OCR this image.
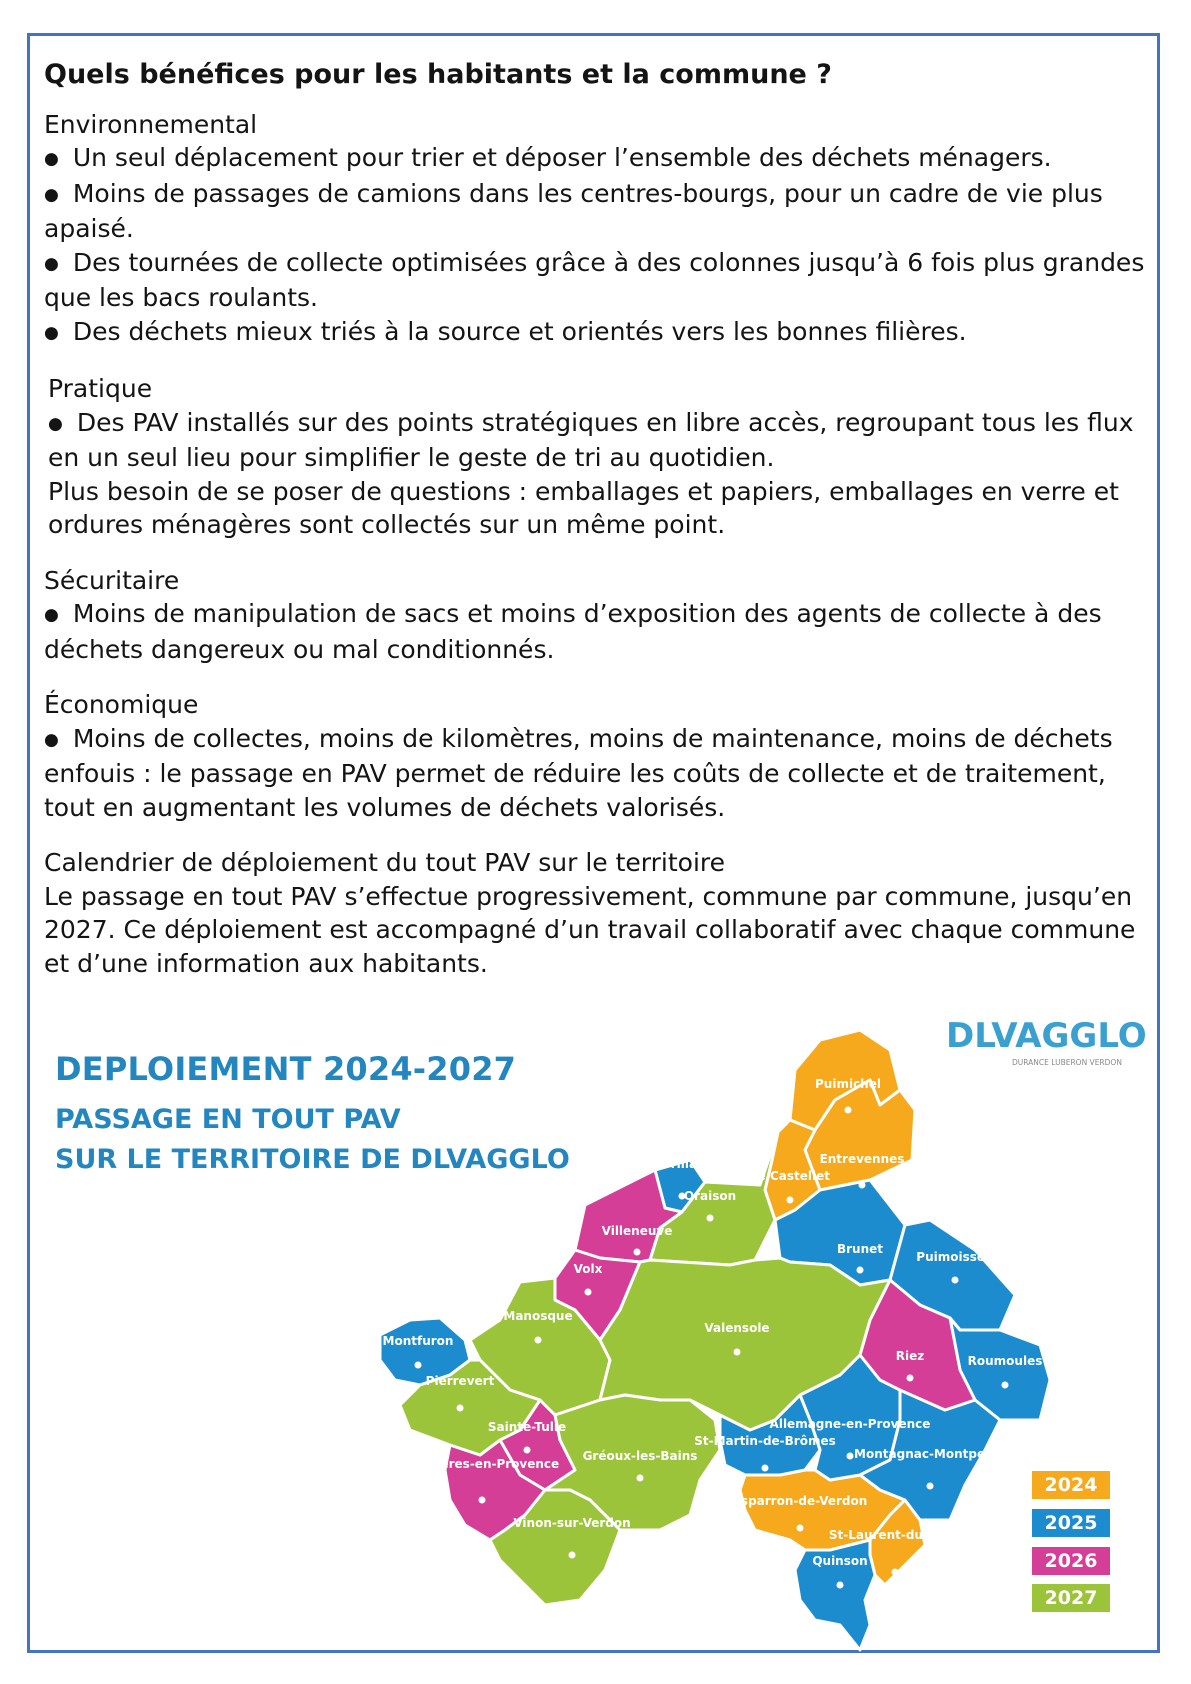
Quels bénéfices pour les habitants et la commune ?

Environnemental

● Un seul déplacement pour trier et déposer l’ensemble des déchets ménagers.

● Moins de passages de camions dans les centres-bourgs, pour un cadre de vie plus apaisé.

● Des tournées de collecte optimisées grâce à des colonnes jusqu’à 6 fois plus grandes que les bacs roulants.

● Des déchets mieux triés à la source et orientés vers les bonnes filières.

Pratique

● Des PAV installés sur des points stratégiques en libre accès, regroupant tous les flux en un seul lieu pour simplifier le geste de tri au quotidien.

Plus besoin de se poser de questions : emballages et papiers, emballages en verre et ordures ménagères sont collectés sur un même point.

Sécuritaire

● Moins de manipulation de sacs et moins d’exposition des agents de collecte à des déchets dangereux ou mal conditionnés.

Économique

● Moins de collectes, moins de kilomètres, moins de maintenance, moins de déchets enfouis : le passage en PAV permet de réduire les coûts de collecte et de traitement, tout en augmentant les volumes de déchets valorisés.

Calendrier de déploiement du tout PAV sur le territoire

Le passage en tout PAV s’effectue progressivement, commune par commune, jusqu’en 2027. Ce déploiement est accompagné d’un travail collaboratif avec chaque commune et d’une information aux habitants.

DEPLOIEMENT 2024-2027
PASSAGE EN TOUT PAV
SUR LE TERRITOIRE DE DLVAGGLO
DLVAGGLO
DURANCE LUBERON VERDON
Puimichel
Entrevennes
Le Castellet
Esparron-de-Verdon
St-Laurent-du-Verdon
La Brillanne
Brunet
Puimoisson
Roumoules
Montfuron
Allemagne-en-Provence
Montagnac-Montpezat
St-Martin-de-Brômes
Quinson
Villeneuve
Volx
Riez
Sainte-Tulle
Corbières-en-Provence
Oraison
Manosque
Valensole
Pierrevert
Gréoux-les-Bains
Vinon-sur-Verdon
2024
2025
2026
2027
